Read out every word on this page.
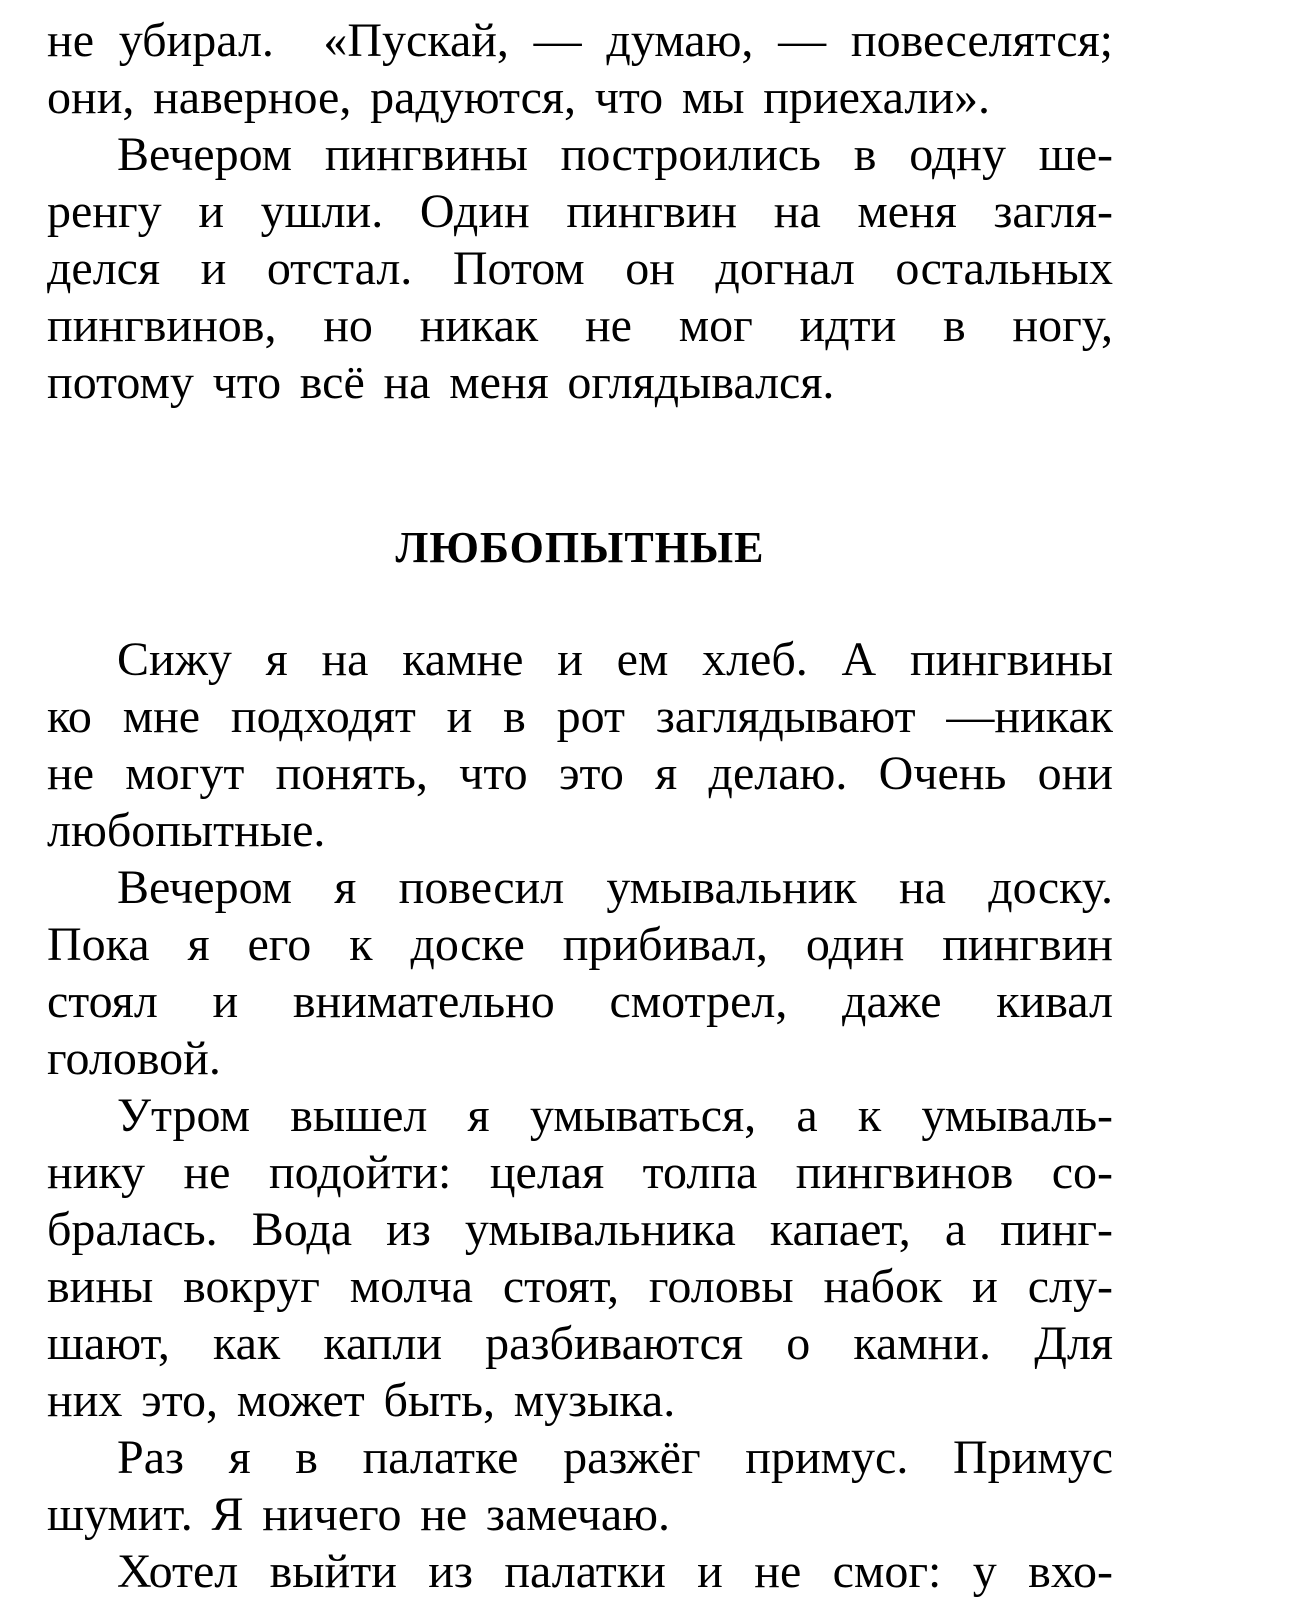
не убирал.  «Пускай, — думаю, — повеселятся;
они, наверное, радуются, что мы приехали».
Вечером пингвины построились в одну ше-
ренгу и ушли. Один пингвин на меня загля-
делся и отстал. Потом он догнал остальных
пингвинов, но никак не мог идти в ногу,
потому что всё на меня оглядывался.
ЛЮБОПЫТНЫЕ
Сижу я на камне и ем хлеб. А пингвины
ко мне подходят и в рот заглядывают —никак
не могут понять, что это я делаю. Очень они
любопытные.
Вечером я повесил умывальник на доску.
Пока я его к доске прибивал, один пингвин
стоял и внимательно смотрел, даже кивал
головой.
Утром вышел я умываться, а к умываль-
нику не подойти: целая толпа пингвинов со-
бралась. Вода из умывальника капает, а пинг-
вины вокруг молча стоят, головы набок и слу-
шают, как капли разбиваются о камни. Для
них это, может быть, музыка.
Раз я в палатке разжёг примус. Примус
шумит. Я ничего не замечаю.
Хотел выйти из палатки и не смог: у вхо-
